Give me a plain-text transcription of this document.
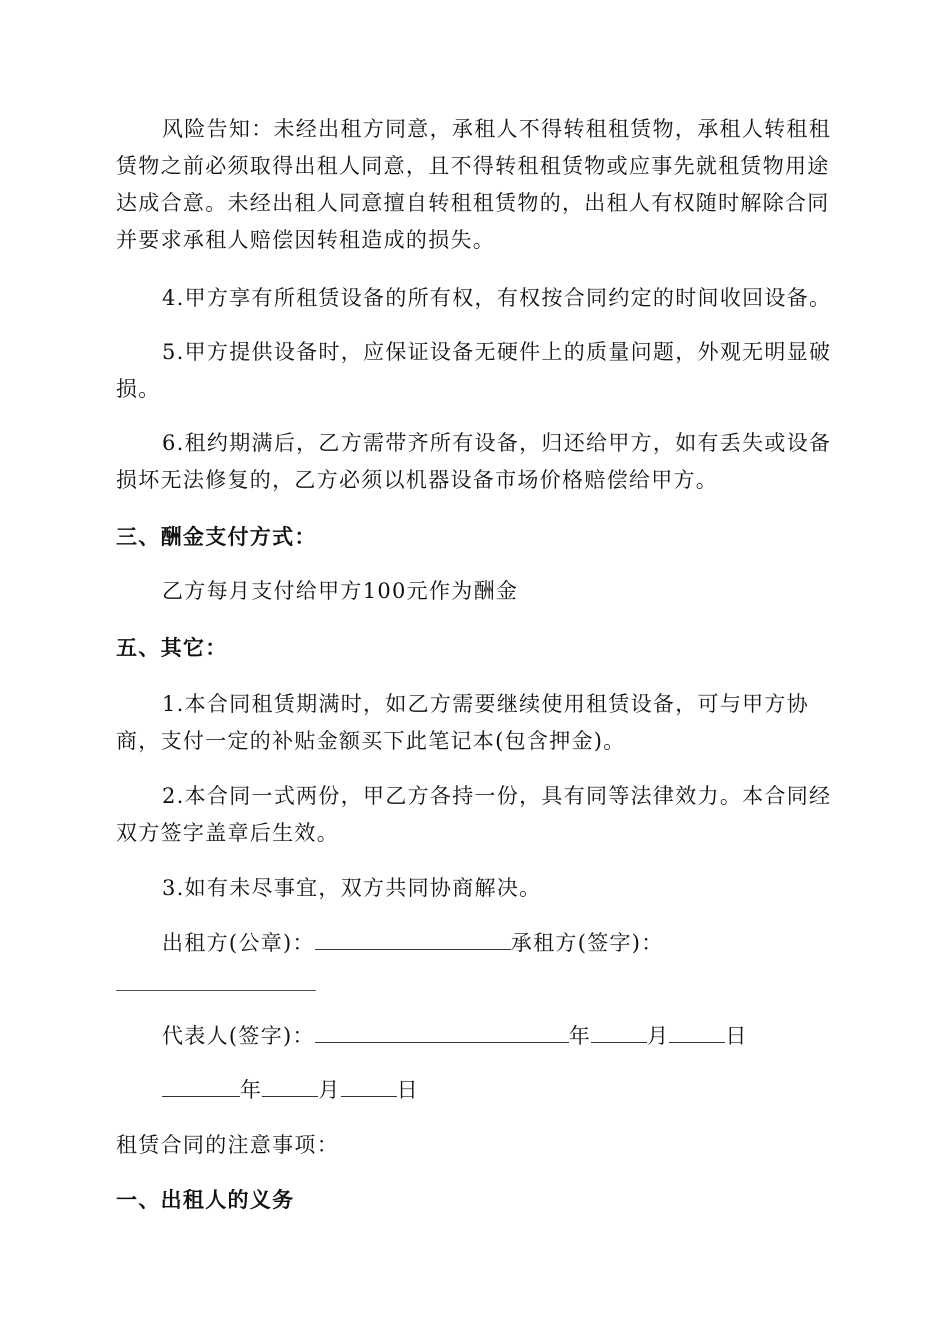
风险告知：未经出租方同意，承租人不得转租租赁物，承租人转租租
赁物之前必须取得出租人同意，且不得转租租赁物或应事先就租赁物用途
达成合意。未经出租人同意擅自转租租赁物的，出租人有权随时解除合同
并要求承租人赔偿因转租造成的损失。
4.甲方享有所租赁设备的所有权，有权按合同约定的时间收回设备。
5.甲方提供设备时，应保证设备无硬件上的质量问题，外观无明显破
损。
6.租约期满后，乙方需带齐所有设备，归还给甲方，如有丢失或设备
损坏无法修复的，乙方必须以机器设备市场价格赔偿给甲方。
三、酬金支付方式：
乙方每月支付给甲方100元作为酬金
五、其它：
1.本合同租赁期满时，如乙方需要继续使用租赁设备，可与甲方协
商，支付一定的补贴金额买下此笔记本(包含押金)。
2.本合同一式两份，甲乙方各持一份，具有同等法律效力。本合同经
双方签字盖章后生效。
3.如有未尽事宜，双方共同协商解决。
出租方(公章)：	承租方(签字)：
代表人(签字)：	年	月	日
年	月	日
租赁合同的注意事项：
一、出租人的义务
